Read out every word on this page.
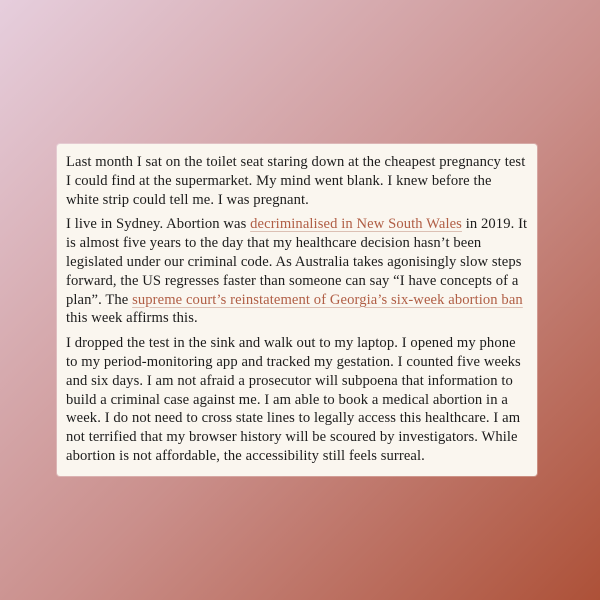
Last month I sat on the toilet seat staring down at the cheapest pregnancy test I could find at the supermarket. My mind went blank. I knew before the white strip could tell me. I was pregnant.

I live in Sydney. Abortion was decriminalised in New South Wales in 2019. It is almost five years to the day that my healthcare decision hasn’t been legislated under our criminal code. As Australia takes agonisingly slow steps forward, the US regresses faster than someone can say “I have concepts of a plan”. The supreme court’s reinstatement of Georgia’s six-week abortion ban this week affirms this.

I dropped the test in the sink and walk out to my laptop. I opened my phone to my period-monitoring app and tracked my gestation. I counted five weeks and six days. I am not afraid a prosecutor will subpoena that information to build a criminal case against me. I am able to book a medical abortion in a week. I do not need to cross state lines to legally access this healthcare. I am not terrified that my browser history will be scoured by investigators. While abortion is not affordable, the accessibility still feels surreal.
